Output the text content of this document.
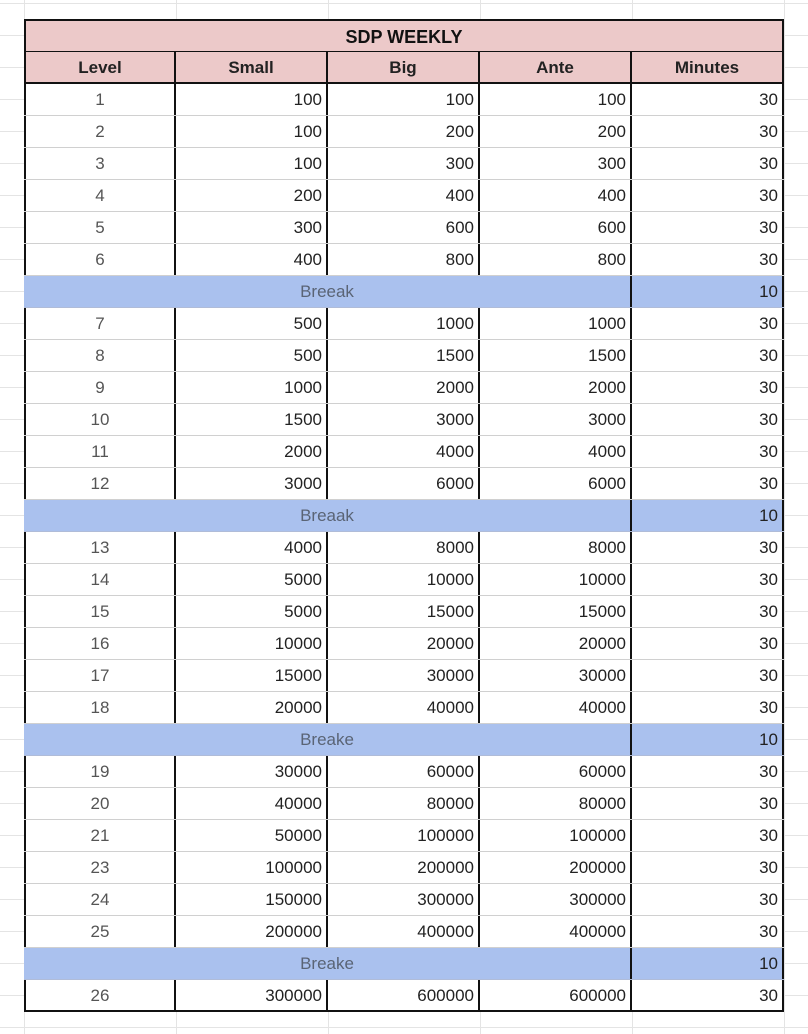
SDP WEEKLY
Level	Small	Big	Ante	Minutes
1	100	100	100	30
2	100	200	200	30
3	100	300	300	30
4	200	400	400	30
5	300	600	600	30
6	400	800	800	30
Breeak	10
7	500	1000	1000	30
8	500	1500	1500	30
9	1000	2000	2000	30
10	1500	3000	3000	30
11	2000	4000	4000	30
12	3000	6000	6000	30
Breaak	10
13	4000	8000	8000	30
14	5000	10000	10000	30
15	5000	15000	15000	30
16	10000	20000	20000	30
17	15000	30000	30000	30
18	20000	40000	40000	30
Breake	10
19	30000	60000	60000	30
20	40000	80000	80000	30
21	50000	100000	100000	30
23	100000	200000	200000	30
24	150000	300000	300000	30
25	200000	400000	400000	30
Breake	10
26	300000	600000	600000	30
